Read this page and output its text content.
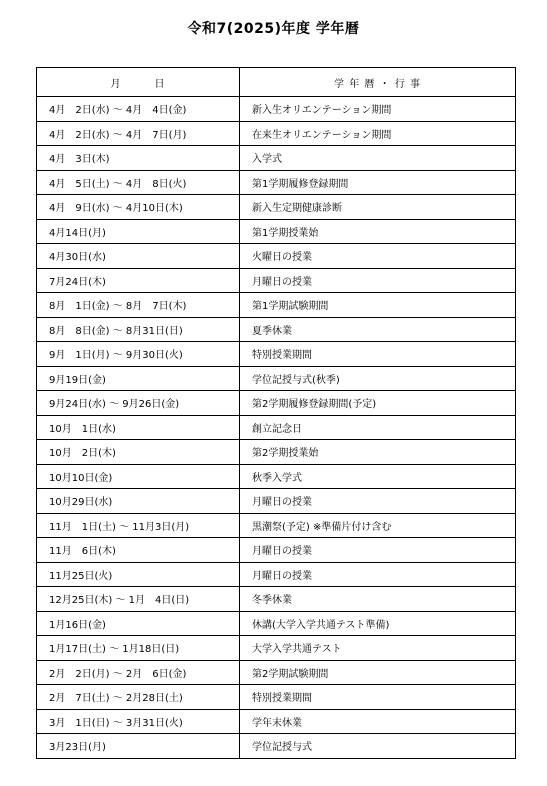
令和7(2025)年度 学年暦
月　　　日	学 年 暦 ・ 行 事
4月　2日(水) 〜 4月　4日(金)	新入生オリエンテーション期間
4月　2日(水) 〜 4月　7日(月)	在来生オリエンテーション期間
4月　3日(木)	入学式
4月　5日(土) 〜 4月　8日(火)	第1学期履修登録期間
4月　9日(水) 〜 4月10日(木)	新入生定期健康診断
4月14日(月)	第1学期授業始
4月30日(水)	火曜日の授業
7月24日(木)	月曜日の授業
8月　1日(金) 〜 8月　7日(木)	第1学期試験期間
8月　8日(金) 〜 8月31日(日)	夏季休業
9月　1日(月) 〜 9月30日(火)	特別授業期間
9月19日(金)	学位記授与式(秋季)
9月24日(水) 〜 9月26日(金)	第2学期履修登録期間(予定)
10月　1日(水)	創立記念日
10月　2日(木)	第2学期授業始
10月10日(金)	秋季入学式
10月29日(水)	月曜日の授業
11月　1日(土) 〜 11月3日(月)	黒潮祭(予定) ※準備片付け含む
11月　6日(木)	月曜日の授業
11月25日(火)	月曜日の授業
12月25日(木) 〜 1月　4日(日)	冬季休業
1月16日(金)	休講(大学入学共通テスト準備)
1月17日(土) 〜 1月18日(日)	大学入学共通テスト
2月　2日(月) 〜 2月　6日(金)	第2学期試験期間
2月　7日(土) 〜 2月28日(土)	特別授業期間
3月　1日(日) 〜 3月31日(火)	学年末休業
3月23日(月)	学位記授与式
